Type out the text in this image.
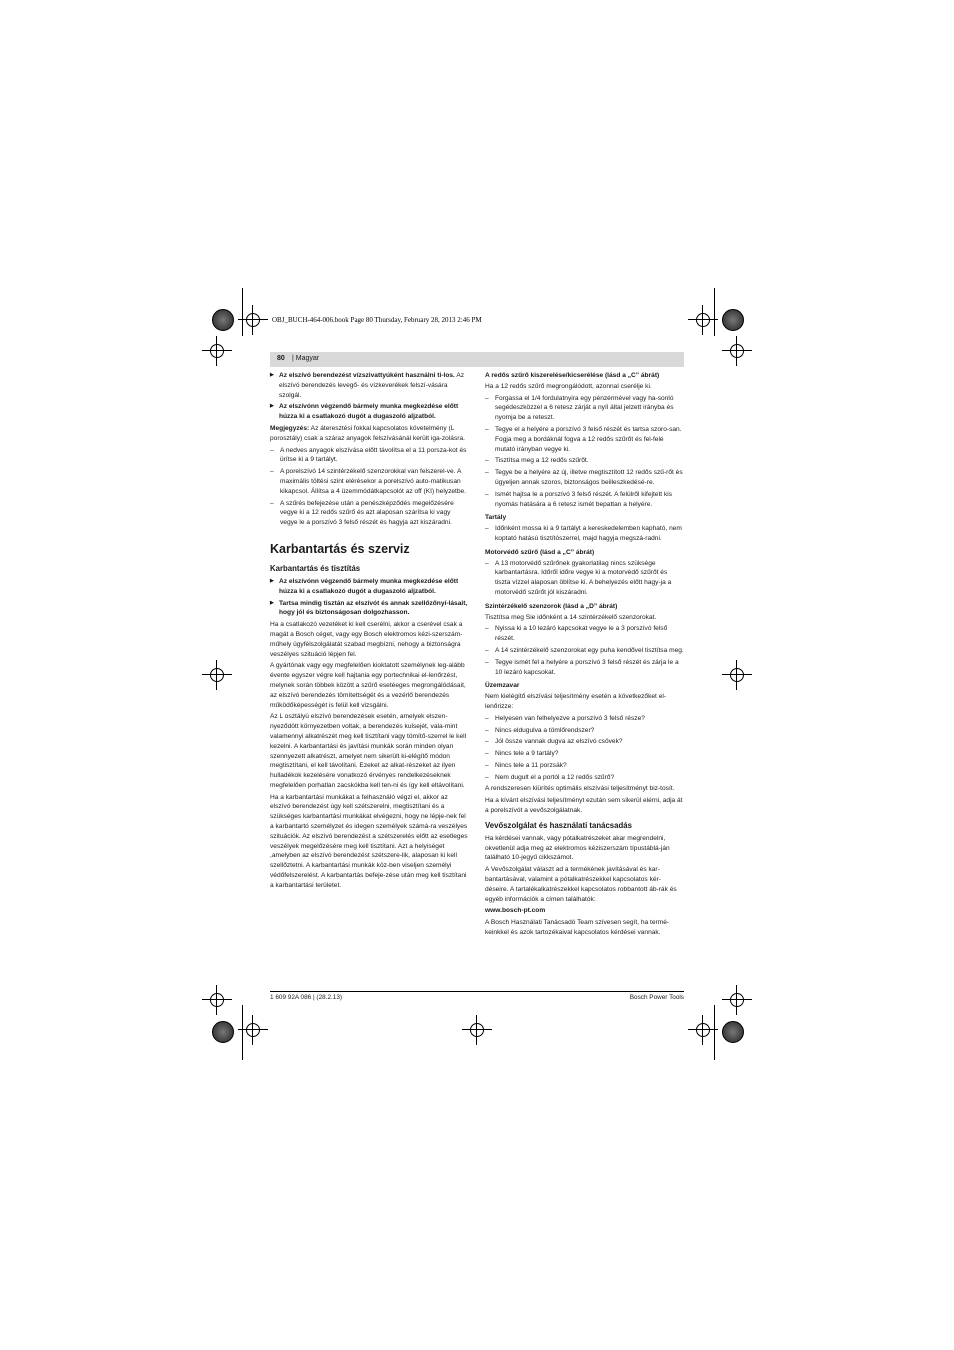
OBJ_BUCH-464-006.book Page 80 Thursday, February 28, 2013 2:46 PM
80 | Magyar

▶ Az elszívó berendezést vízszivattyúként használni ti-los. Az elszívó berendezés levegő- és vízkeverékek felszí-vására szolgál.

▶ Az elszívónn végzendő bármely munka megkezdése előtt húzza ki a csatlakozó dugót a dugaszoló aljzatból.

Megjegyzés: Az áteresztési fokkal kapcsolatos követelmény (L porosztály) csak a száraz anyagok felszívásánál került iga-zolásra.

– A nedves anyagok elszívása előtt távolítsa el a 11 porsza-kot és ürítse ki a 9 tartályt.

– A porelszívó 14 szintérzékelő szenzorokkal van felszerel-ve. A maximális töltési szint elérésekor a porelszívó auto-matikusan kikapcsol. Állítsa a 4 üzemmódátkapcsolót az off (KI) helyzetbe.

– A szűrés befejezése után a penészképződés megelőzésére vegye ki a 12 redős szűrő és azt alaposan szárítsa ki vagy vegye le a porszívó 3 felső részét és hagyja azt kiszáradni.

Karbantartás és szerviz
Karbantartás és tisztítás

▶ Az elszívónn végzendő bármely munka megkezdése előtt húzza ki a csatlakozó dugót a dugaszoló aljzatból.

▶ Tartsa mindig tisztán az elszívót és annak szellőzőnyí-lásait, hogy jól és biztonságosan dolgozhasson.

Ha a csatlakozó vezetéket ki kell cserélni, akkor a cserével csak a magát a Bosch céget, vagy egy Bosch elektromos kézi-szerszám-műhely ügyfélszolgálatát szabad megbízni, nehogy a biztonságra veszélyes szituáció lépjen fel.

A gyártónak vagy egy megfelelően kioktatott személynek leg-alább évente egyszer végre kell hajtania egy portechnikai el-lenőrzést, melynek során többek között a szűrő esetéeges megrongálódásait, az elszívó berendezés tömítettségét és a vezérlő berendezés működőképességét is felül kell vizsgálni.

Az L osztályú elszívó berendezések esetén, amelyek elszen-nyeződött környezetben voltak, a berendezés kulsejét, vala-mint valamennyi alkatrészét meg kell tisztítani vagy tömítő-szerrel le kell kezelni. A karbantartási és javítási munkák során minden olyan szennyezett alkatrészt, amelyet nem sikerült ki-elégítő módon megtisztítani, el kell távolítani. Ezeket az alkat-részeket az ilyen hulladékok kezelésére vonatkozó érvényes rendelkezéseknek megfelelően porhatlan zacskókba kell ten-ni és így kell eltávolítani.

Ha a karbantartási munkákat a felhasználó végzi el, akkor az elszívó berendezést úgy kell szétszerelni, megtisztítani és a szükséges karbantartási munkákat elvégezni, hogy ne lépje-nek fel a karbantartó személyzet és idegen személyek számá-ra veszélyes szituációk. Az elszívó berendezést a szétszerelés előtt az esetleges veszélyek megelőzésére meg kell tisztítani. Azt a helyiséget ,amelyben az elszívó berendezést szétszere-lik, alaposan ki kell szellőztetni. A karbantartási munkák köz-ben viseljen személyi védőfelszerelést. A karbantartás befeje-zése után meg kell tisztítani a karbantartási területet.

A redős szűrő kiszerelése/kicserélése (lásd a „C” ábrát)

Ha a 12 redős szűrő megrongálódott, azonnal cserélje ki.

– Forgassa el 1/4 fordulatnyira egy pénzérmével vagy ha-sonló segédeszközzel a 6 retesz zárját a nyíl által jelzett irányba és nyomja be a reteszt.

– Tegye el a helyére a porszívó 3 felső részét és tartsa szoro-san. Fogja meg a bordáknál fogva a 12 redős szűrőt és fel-felé mutató irányban vegye ki.

– Tisztítsa meg a 12 redős szűrőt.

– Tegye be a helyére az új, illetve megtisztított 12 redős szű-rőt és ügyeljen annak szoros, biztonságos beilleszkedésé-re.

– Ismét hajtsa le a porszívó 3 felső részét. A felülről kifejtett kis nyomás hatására a 6 retesz ismét bepattan a helyére.

Tartály

– Időnként mossa ki a 9 tartályt a kereskedelemben kapható, nem koptató hatású tisztítószerrel, majd hagyja megszá-radni.

Motorvédő szűrő (lásd a „C” ábrát)

– A 13 motorvédő szűrőnek gyakorlatilag nincs szüksége karbantartásra. Időről időre vegye ki a motorvédő szűrőt és tiszta vízzel alaposan öblítse ki. A behelyezés előtt hagy-ja a motorvédő szűrőt jól kiszáradni.

Szintérzékelő szenzorok (lásd a „D” ábrát)

Tisztítsa meg Sie időnként a 14 szintérzékelő szenzorokat.

– Nyissa ki a 10 lezáró kapcsokat vegye le a 3 porszívó felső részét.

– A 14 szintérzékelő szenzorokat egy puha kendővel tisztítsa meg.

– Tegye ismét fel a helyére a porszívó 3 felső részét és zárja le a 10 lezáró kapcsokat.

Üzemzavar

Nem kielégítő elszívási teljesítmény esetén a következőket el-lenőrizze:

– Helyesen van felhelyezve a porszívó 3 felső része?

– Nincs eldugulva a tömlőrendszer?

– Jól össze vannak dugva az elszívó csövek?

– Nincs tele a 9 tartály?

– Nincs tele a 11 porzsák?

– Nem dugult el a portól a 12 redős szűrő?

A rendszeresen kiürítés optimális elszívási teljesítményt biz-tosít.

Ha a kívánt elszívási teljesítményt ezután sem sikerül elérni, adja át a porelszívót a vevőszolgálatnak.

Vevőszolgálat és használati tanácsadás

Ha kérdései vannak, vagy pótalkatrészeket akar megrendelni, okvetlenül adja meg az elektromos kéziszerszám típustáblá-ján található 10-jegyű cikkszámot.

A Vevőszolgálat választ ad a termékének javításával és kar-bantartásával, valamint a pótalkatrészekkel kapcsolatos kér-déseire. A tartalékalkatrészekkel kapcsolatos robbantott áb-rák és egyéb információk a címen találhatók:

www.bosch-pt.com

A Bosch Használati Tanácsadó Team szívesen segít, ha termé-keinkkel és azok tartozékaival kapcsolatos kérdései vannak.

1 609 92A 086 | (28.2.13)	Bosch Power Tools
